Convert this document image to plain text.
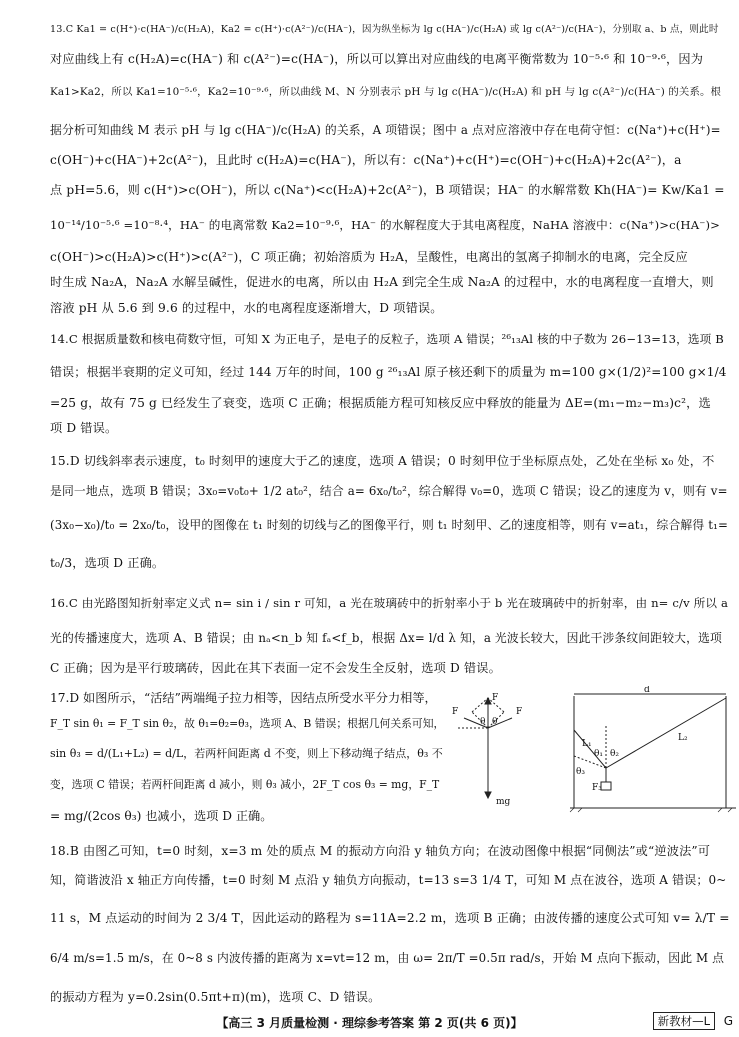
13.C Ka1 = c(H⁺)·c(HA⁻)/c(H₂A)，Ka2 = c(H⁺)·c(A²⁻)/c(HA⁻)，因为纵坐标为 lg c(HA⁻)/c(H₂A) 或 lg c(A²⁻)/c(HA⁻)，分别取 a、b 点，则此时

对应曲线上有 c(H₂A)=c(HA⁻) 和 c(A²⁻)=c(HA⁻)，所以可以算出对应曲线的电离平衡常数为 10⁻⁵·⁶ 和 10⁻⁹·⁶，因为

Ka1>Ka2，所以 Ka1=10⁻⁵·⁶，Ka2=10⁻⁹·⁶，所以曲线 M、N 分别表示 pH 与 lg c(HA⁻)/c(H₂A) 和 pH 与 lg c(A²⁻)/c(HA⁻) 的关系。根

据分析可知曲线 M 表示 pH 与 lg c(HA⁻)/c(H₂A) 的关系，A 项错误；图中 a 点对应溶液中存在电荷守恒：c(Na⁺)+c(H⁺)=

c(OH⁻)+c(HA⁻)+2c(A²⁻)，且此时 c(H₂A)=c(HA⁻)，所以有：c(Na⁺)+c(H⁺)=c(OH⁻)+c(H₂A)+2c(A²⁻)，a

点 pH=5.6，则 c(H⁺)>c(OH⁻)，所以 c(Na⁺)<c(H₂A)+2c(A²⁻)，B 项错误；HA⁻ 的水解常数 Kh(HA⁻)= Kw/Ka1 =

10⁻¹⁴/10⁻⁵·⁶ =10⁻⁸·⁴，HA⁻ 的电离常数 Ka2=10⁻⁹·⁶，HA⁻ 的水解程度大于其电离程度，NaHA 溶液中：c(Na⁺)>c(HA⁻)>

c(OH⁻)>c(H₂A)>c(H⁺)>c(A²⁻)，C 项正确；初始溶质为 H₂A，呈酸性，电离出的氢离子抑制水的电离，完全反应

时生成 Na₂A，Na₂A 水解呈碱性，促进水的电离，所以由 H₂A 到完全生成 Na₂A 的过程中，水的电离程度一直增大，则

溶液 pH 从 5.6 到 9.6 的过程中，水的电离程度逐渐增大，D 项错误。

14.C 根据质量数和核电荷数守恒，可知 X 为正电子，是电子的反粒子，选项 A 错误；²⁶₁₃Al 核的中子数为 26−13=13，选项 B

错误；根据半衰期的定义可知，经过 144 万年的时间，100 g ²⁶₁₃Al 原子核还剩下的质量为 m=100 g×(1/2)²=100 g×1/4

=25 g，故有 75 g 已经发生了衰变，选项 C 正确；根据质能方程可知核反应中释放的能量为 ΔE=(m₁−m₂−m₃)c²，选

项 D 错误。

15.D 切线斜率表示速度，t₀ 时刻甲的速度大于乙的速度，选项 A 错误；0 时刻甲位于坐标原点处，乙处在坐标 x₀ 处，不

是同一地点，选项 B 错误；3x₀=v₀t₀+ 1/2 at₀²，结合 a= 6x₀/t₀²，综合解得 v₀=0，选项 C 错误；设乙的速度为 v，则有 v=

(3x₀−x₀)/t₀ = 2x₀/t₀，设甲的图像在 t₁ 时刻的切线与乙的图像平行，则 t₁ 时刻甲、乙的速度相等，则有 v=at₁，综合解得 t₁=

t₀/3，选项 D 正确。

16.C 由光路图知折射率定义式 n= sin i / sin r 可知，a 光在玻璃砖中的折射率小于 b 光在玻璃砖中的折射率，由 n= c/v 所以 a

光的传播速度大，选项 A、B 错误；由 nₐ<n_b 知 fₐ<f_b，根据 Δx= l/d λ 知，a 光波长较大，因此干涉条纹间距较大，选项

C 正确；因为是平行玻璃砖，因此在其下表面一定不会发生全反射，选项 D 错误。

17.D 如图所示，“活结”两端绳子拉力相等，因结点所受水平分力相等，

F_T sin θ₁ = F_T sin θ₂，故 θ₁=θ₂=θ₃，选项 A、B 错误；根据几何关系可知，

sin θ₃ = d/(L₁+L₂) = d/L，若两杆间距离 d 不变，则上下移动绳子结点，θ₃ 不

变，选项 C 错误；若两杆间距离 d 减小，则 θ₃ 减小，2F_T cos θ₃ = mg，F_T

= mg/(2cos θ₃) 也减小，选项 D 正确。

F
θ θ
F	F
mg
d
θ₁ θ₂
L₁
L₂
θ₃
F₃

18.B 由图乙可知，t=0 时刻，x=3 m 处的质点 M 的振动方向沿 y 轴负方向；在波动图像中根据“同侧法”或“逆波法”可

知，简谐波沿 x 轴正方向传播，t=0 时刻 M 点沿 y 轴负方向振动，t=13 s=3 1/4 T，可知 M 点在波谷，选项 A 错误；0~

11 s，M 点运动的时间为 2 3/4 T，因此运动的路程为 s=11A=2.2 m，选项 B 正确；由波传播的速度公式可知 v= λ/T =

6/4 m/s=1.5 m/s，在 0~8 s 内波传播的距离为 x=vt=12 m，由 ω= 2π/T =0.5π rad/s，开始 M 点向下振动，因此 M 点

的振动方程为 y=0.2sin(0.5πt+π)(m)，选项 C、D 错误。

【高三 3 月质量检测 · 理综参考答案 第 2 页(共 6 页)】	新教材—L	G
